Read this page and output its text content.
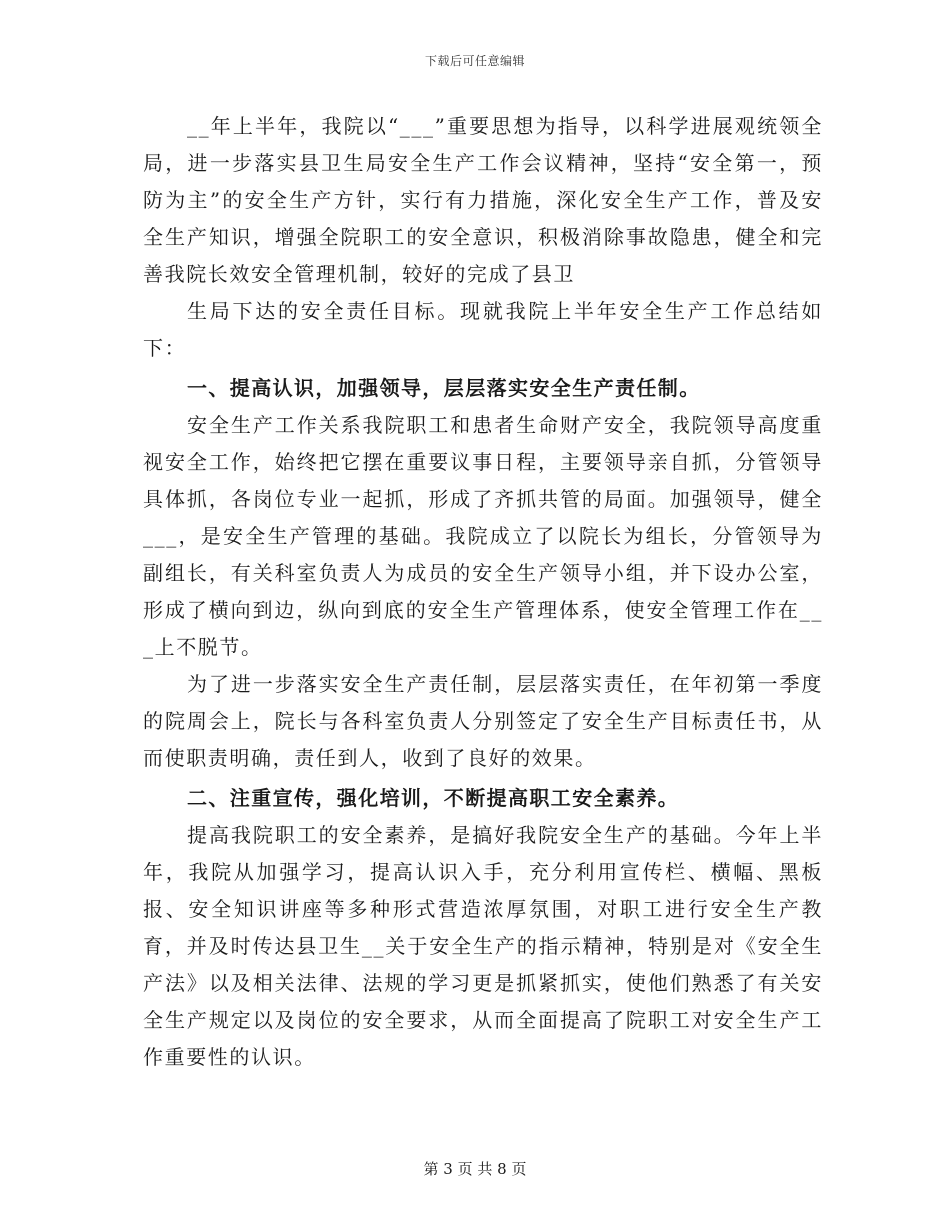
下载后可任意编辑

__年上半年，我院以“___”重要思想为指导，以科学进展观统领全局，进一步落实县卫生局安全生产工作会议精神，坚持“安全第一，预防为主”的安全生产方针，实行有力措施，深化安全生产工作，普及安全生产知识，增强全院职工的安全意识，积极消除事故隐患，健全和完善我院长效安全管理机制，较好的完成了县卫

生局下达的安全责任目标。现就我院上半年安全生产工作总结如下：

一、提高认识，加强领导，层层落实安全生产责任制。

安全生产工作关系我院职工和患者生命财产安全，我院领导高度重视安全工作，始终把它摆在重要议事日程，主要领导亲自抓，分管领导具体抓，各岗位专业一起抓，形成了齐抓共管的局面。加强领导，健全___，是安全生产管理的基础。我院成立了以院长为组长，分管领导为副组长，有关科室负责人为成员的安全生产领导小组，并下设办公室，形成了横向到边，纵向到底的安全生产管理体系，使安全管理工作在___上不脱节。

为了进一步落实安全生产责任制，层层落实责任，在年初第一季度的院周会上，院长与各科室负责人分别签定了安全生产目标责任书，从而使职责明确，责任到人，收到了良好的效果。

二、注重宣传，强化培训，不断提高职工安全素养。

提高我院职工的安全素养，是搞好我院安全生产的基础。今年上半年，我院从加强学习，提高认识入手，充分利用宣传栏、横幅、黑板报、安全知识讲座等多种形式营造浓厚氛围，对职工进行安全生产教育，并及时传达县卫生__关于安全生产的指示精神，特别是对《安全生产法》以及相关法律、法规的学习更是抓紧抓实，使他们熟悉了有关安全生产规定以及岗位的安全要求，从而全面提高了院职工对安全生产工作重要性的认识。

第 3 页 共 8 页
